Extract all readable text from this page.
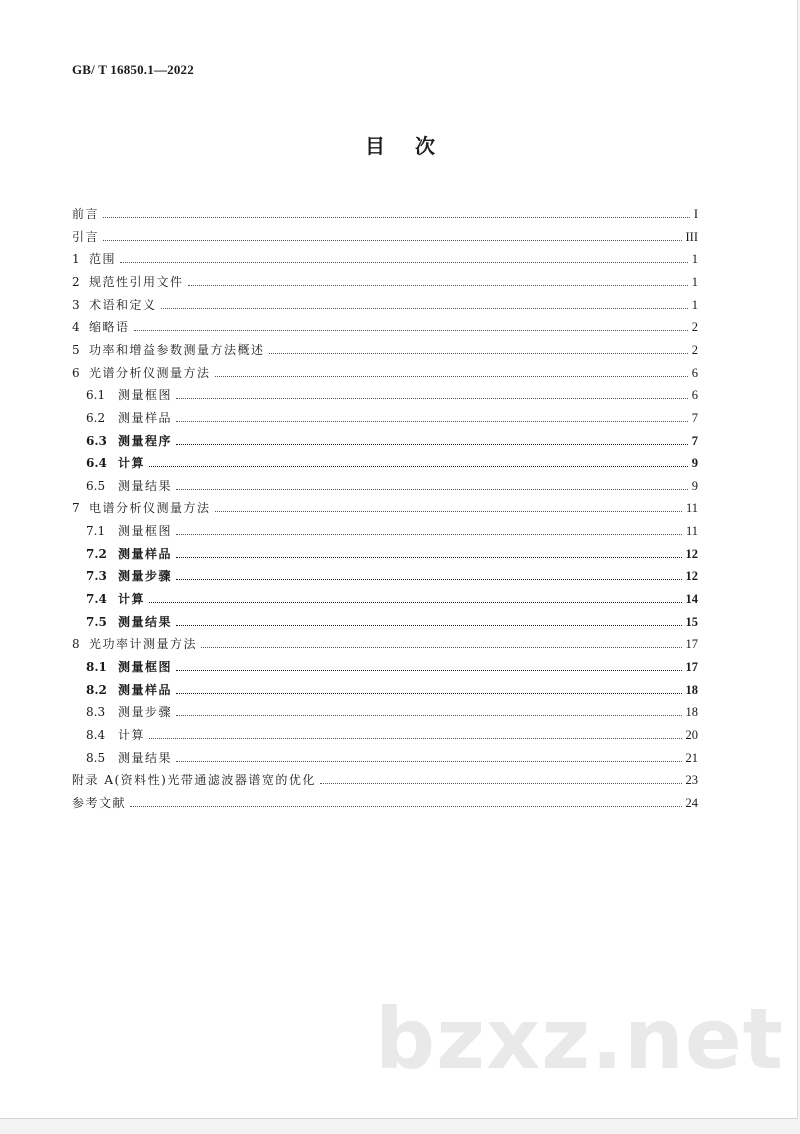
GB/ T 16850.1—2022
目次
前言	I
引言	III
1 范围	1
2 规范性引用文件	1
3 术语和定义	1
4 缩略语	2
5 功率和增益参数测量方法概述	2
6 光谱分析仪测量方法	6
6.1	测量框图	6
6.2	测量样品	7
6.3 测量程序	7
6.4 计算	9
6.5	测量结果	9
7 电谱分析仪测量方法	11
7.1	测量框图	11
7.2 测量样品	12
7.3 测量步骤	12
7.4 计算	14
7.5 测量结果	15
8 光功率计测量方法	17
8.1 测量框图	17
8.2 测量样品	18
8.3	测量步骤	18
8.4	计算	20
8.5	测量结果	21
附录 A(资料性)光带通滤波器谱宽的优化	23
参考文献	24
bzxz.net
